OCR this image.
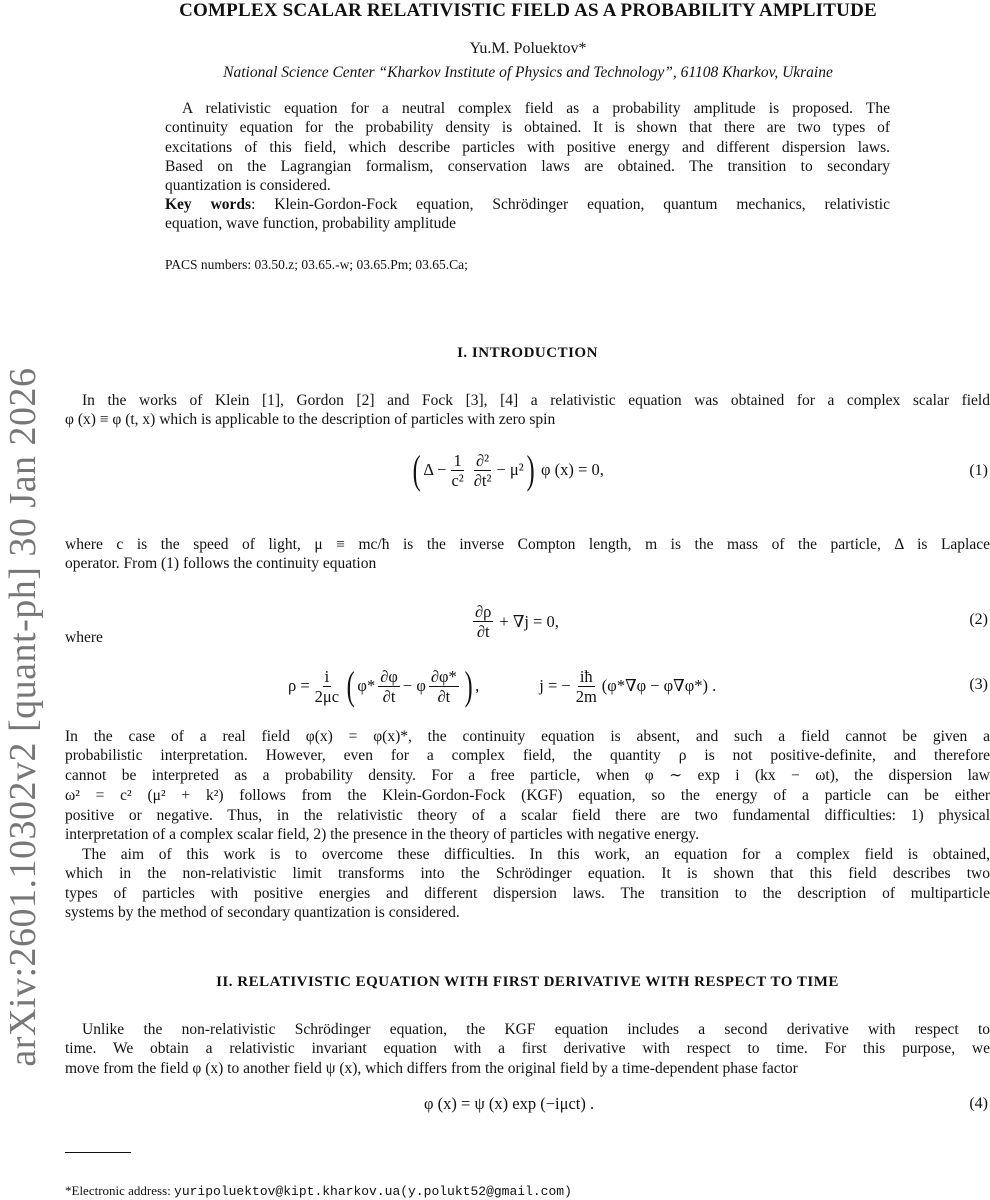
COMPLEX SCALAR RELATIVISTIC FIELD AS A PROBABILITY AMPLITUDE
Yu.M. Poluektov*
National Science Center “Kharkov Institute of Physics and Technology”, 61108 Kharkov, Ukraine
A relativistic equation for a neutral complex field as a probability amplitude is proposed. The
continuity equation for the probability density is obtained. It is shown that there are two types of
excitations of this field, which describe particles with positive energy and different dispersion laws.
Based on the Lagrangian formalism, conservation laws are obtained. The transition to secondary
quantization is considered.
Key words: Klein-Gordon-Fock equation, Schrödinger equation, quantum mechanics, relativistic
equation, wave function, probability amplitude
PACS numbers: 03.50.z; 03.65.-w; 03.65.Pm; 03.65.Ca;
arXiv:2601.10302v2 [quant-ph] 30 Jan 2026
I. INTRODUCTION
In the works of Klein [1], Gordon [2] and Fock [3], [4] a relativistic equation was obtained for a complex scalar field
φ (x) ≡ φ (t, x) which is applicable to the description of particles with zero spin
where c is the speed of light, μ ≡ mc/ħ is the inverse Compton length, m is the mass of the particle, Δ is Laplace
operator. From (1) follows the continuity equation
In the case of a real field φ(x) = φ(x)*, the continuity equation is absent, and such a field cannot be given a
probabilistic interpretation. However, even for a complex field, the quantity ρ is not positive-definite, and therefore
cannot be interpreted as a probability density. For a free particle, when φ ∼ exp i (kx − ωt), the dispersion law
ω² = c² (μ² + k²) follows from the Klein-Gordon-Fock (KGF) equation, so the energy of a particle can be either
positive or negative. Thus, in the relativistic theory of a scalar field there are two fundamental difficulties: 1) physical
interpretation of a complex scalar field, 2) the presence in the theory of particles with negative energy.
The aim of this work is to overcome these difficulties. In this work, an equation for a complex field is obtained,
which in the non-relativistic limit transforms into the Schrödinger equation. It is shown that this field describes two
types of particles with positive energies and different dispersion laws. The transition to the description of multiparticle
systems by the method of secondary quantization is considered.
Unlike the non-relativistic Schrödinger equation, the KGF equation includes a second derivative with respect to
time. We obtain a relativistic invariant equation with a first derivative with respect to time. For this purpose, we
move from the field φ (x) to another field ψ (x), which differs from the original field by a time-dependent phase factor
( $\Delta - \frac{1}{\text{c²}} \frac{\text{∂²}}{\text{∂t²}} - \mu^2$ ) φ (x) = 0,	(1)
$\frac{\partial\rho}{\partial t} + \nabla j = 0$,	(2)
where
$\rho = \frac{i}{2\mu c}$ ( $\varphi* \frac{\partial\varphi}{\partial t} - \varphi \frac{\partial\varphi*}{\partial t}$ ) ,	j = − $\frac{iħ}{2m} (\varphi*\nabla\varphi - \varphi\nabla\varphi*)$ .	(3)
II. RELATIVISTIC EQUATION WITH FIRST DERIVATIVE WITH RESPECT TO TIME
φ (x) = ψ (x) exp (−iμct) .	(4)
*Electronic address: yuripoluektov@kipt.kharkov.ua(y.polukt52@gmail.com)
